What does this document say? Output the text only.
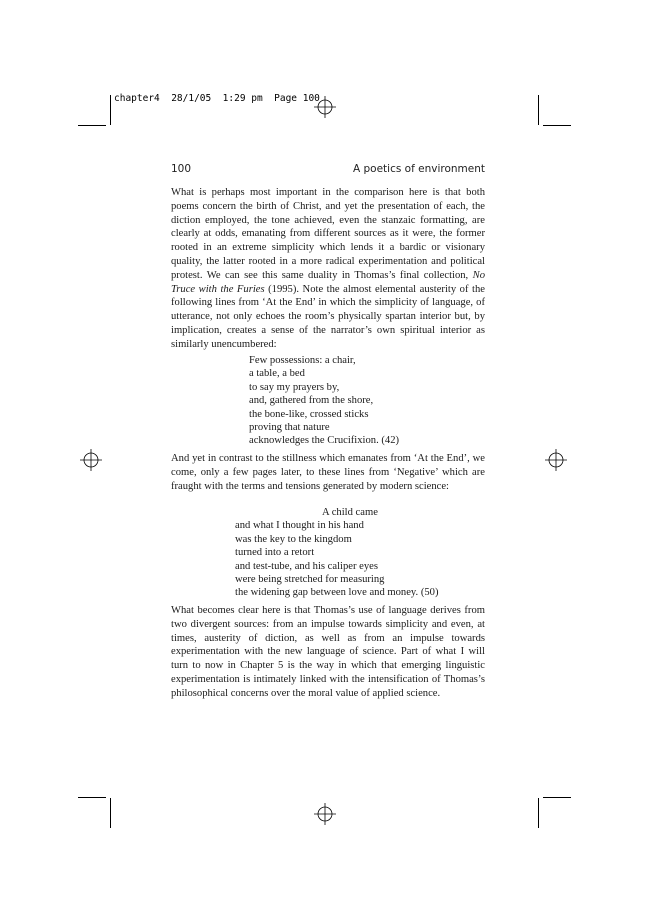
chapter4  28/1/05  1:29 pm  Page 100
100	A poetics of environment

What is perhaps most important in the comparison here is that both poems concern the birth of Christ, and yet the presentation of each, the diction employed, the tone achieved, even the stanzaic formatting, are clearly at odds, emanating from different sources as it were, the former rooted in an extreme simplicity which lends it a bardic or visionary quality, the latter rooted in a more radical experimentation and political protest. We can see this same duality in Thomas’s final collection, No Truce with the Furies (1995). Note the almost elemental austerity of the following lines from ‘At the End’ in which the simplicity of language, of utterance, not only echoes the room’s physically spartan interior but, by implication, creates a sense of the narrator’s own spiritual interior as similarly unencumbered:

Few possessions: a chair,
a table, a bed
to say my prayers by,
and, gathered from the shore,
the bone-like, crossed sticks
proving that nature
acknowledges the Crucifixion. (42)

And yet in contrast to the stillness which emanates from ‘At the End’, we come, only a few pages later, to these lines from ‘Negative’ which are fraught with the terms and tensions generated by modern science:

A child came
and what I thought in his hand
was the key to the kingdom
turned into a retort
and test-tube, and his caliper eyes
were being stretched for measuring
the widening gap between love and money. (50)

What becomes clear here is that Thomas’s use of language derives from two divergent sources: from an impulse towards simplicity and even, at times, austerity of diction, as well as from an impulse towards experimentation with the new language of science. Part of what I will turn to now in Chapter 5 is the way in which that emerging linguistic experimentation is intimately linked with the intensification of Thomas’s philosophical concerns over the moral value of applied science.
